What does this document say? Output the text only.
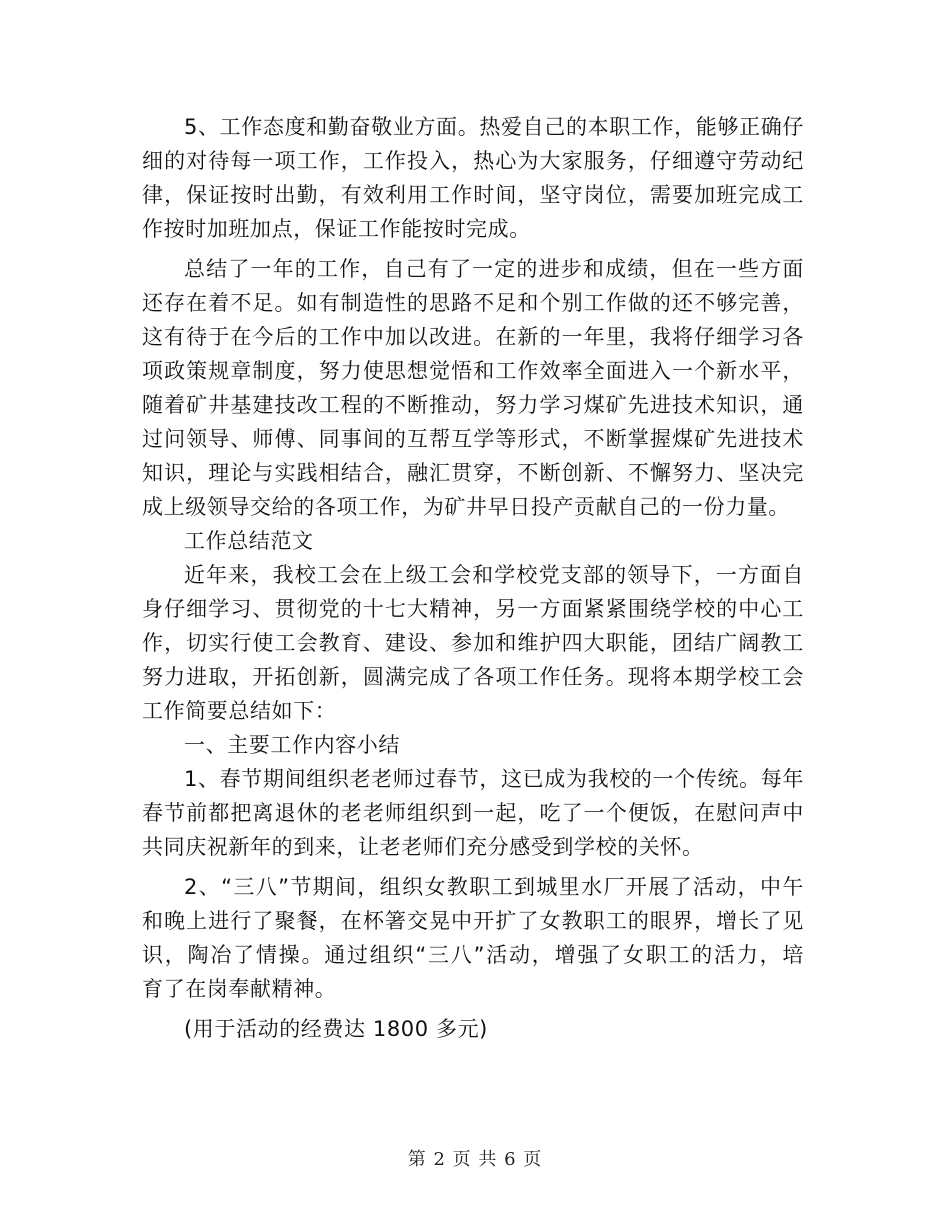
5、工作态度和勤奋敬业方面。热爱自己的本职工作，能够正确仔
细的对待每一项工作，工作投入，热心为大家服务，仔细遵守劳动纪
律，保证按时出勤，有效利用工作时间，坚守岗位，需要加班完成工
作按时加班加点，保证工作能按时完成。
总结了一年的工作，自己有了一定的进步和成绩，但在一些方面
还存在着不足。如有制造性的思路不足和个别工作做的还不够完善，
这有待于在今后的工作中加以改进。在新的一年里，我将仔细学习各
项政策规章制度，努力使思想觉悟和工作效率全面进入一个新水平，
随着矿井基建技改工程的不断推动，努力学习煤矿先进技术知识，通
过问领导、师傅、同事间的互帮互学等形式，不断掌握煤矿先进技术
知识，理论与实践相结合，融汇贯穿，不断创新、不懈努力、坚决完
成上级领导交给的各项工作，为矿井早日投产贡献自己的一份力量。

工作总结范文

近年来，我校工会在上级工会和学校党支部的领导下，一方面自
身仔细学习、贯彻党的十七大精神，另一方面紧紧围绕学校的中心工
作，切实行使工会教育、建设、参加和维护四大职能，团结广阔教工
努力进取，开拓创新，圆满完成了各项工作任务。现将本期学校工会
工作简要总结如下：

一、主要工作内容小结

1、春节期间组织老老师过春节，这已成为我校的一个传统。每年
春节前都把离退休的老老师组织到一起，吃了一个便饭，在慰问声中
共同庆祝新年的到来，让老老师们充分感受到学校的关怀。
2、“三八”节期间，组织女教职工到城里水厂开展了活动，中午
和晚上进行了聚餐，在杯箸交晃中开扩了女教职工的眼界，增长了见
识，陶冶了情操。通过组织“三八”活动，增强了女职工的活力，培
育了在岗奉献精神。

(用于活动的经费达 1800 多元)

第 2 页 共 6 页
